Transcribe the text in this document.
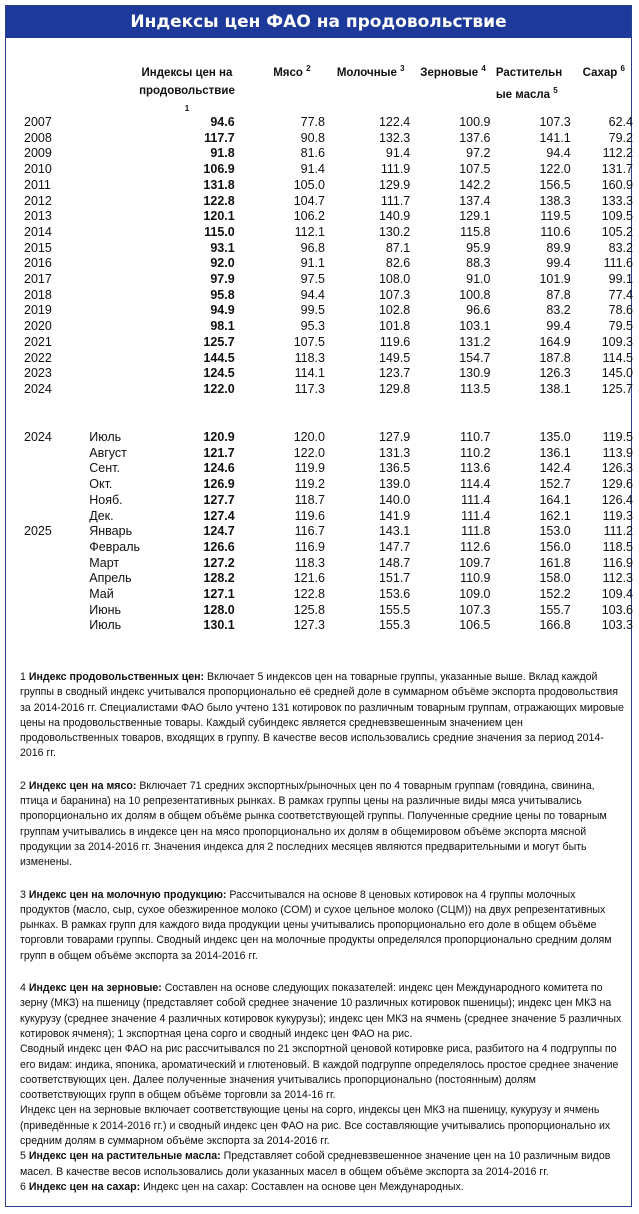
Индексы цен ФАО на продовольствие
	Индексы цен на продовольствие $^1$	Мясо $^2$	Молочные $^3$	Зерновые $^4$	Растительн ые масла $^5$	Сахар $^6$
2007		94.6	77.8	122.4	100.9	107.3	62.4
2008		117.7	90.8	132.3	137.6	141.1	79.2
2009		91.8	81.6	91.4	97.2	94.4	112.2
2010		106.9	91.4	111.9	107.5	122.0	131.7
2011		131.8	105.0	129.9	142.2	156.5	160.9
2012		122.8	104.7	111.7	137.4	138.3	133.3
2013		120.1	106.2	140.9	129.1	119.5	109.5
2014		115.0	112.1	130.2	115.8	110.6	105.2
2015		93.1	96.8	87.1	95.9	89.9	83.2
2016		92.0	91.1	82.6	88.3	99.4	111.6
2017		97.9	97.5	108.0	91.0	101.9	99.1
2018		95.8	94.4	107.3	100.8	87.8	77.4
2019		94.9	99.5	102.8	96.6	83.2	78.6
2020		98.1	95.3	101.8	103.1	99.4	79.5
2021		125.7	107.5	119.6	131.2	164.9	109.3
2022		144.5	118.3	149.5	154.7	187.8	114.5
2023		124.5	114.1	123.7	130.9	126.3	145.0
2024		122.0	117.3	129.8	113.5	138.1	125.7
2024	Июль	120.9	120.0	127.9	110.7	135.0	119.5
	Август	121.7	122.0	131.3	110.2	136.1	113.9
	Сент.	124.6	119.9	136.5	113.6	142.4	126.3
	Окт.	126.9	119.2	139.0	114.4	152.7	129.6
	Нояб.	127.7	118.7	140.0	111.4	164.1	126.4
	Дек.	127.4	119.6	141.9	111.4	162.1	119.3
2025	Январь	124.7	116.7	143.1	111.8	153.0	111.2
	Февраль	126.6	116.9	147.7	112.6	156.0	118.5
	Март	127.2	118.3	148.7	109.7	161.8	116.9
	Апрель	128.2	121.6	151.7	110.9	158.0	112.3
	Май	127.1	122.8	153.6	109.0	152.2	109.4
	Июнь	128.0	125.8	155.5	107.3	155.7	103.6
	Июль	130.1	127.3	155.3	106.5	166.8	103.3

1 Индекс продовольственных цен: Включает 5 индексов цен на товарные группы, указанные выше. Вклад каждой группы в сводный индекс учитывался пропорционально её средней доле в суммарном объёме экспорта продовольствия за 2014-2016 гг. Специалистами ФАО было учтено 131 котировок по различным товарным группам, отражающих мировые цены на продовольственные товары. Каждый субиндекс является средневзвешенным значением цен продовольственных товаров, входящих в группу. В качестве весов использовались средние значения за период 2014-2016 гг.

2 Индекс цен на мясо: Включает 71 средних экспортных/рыночных цен по 4 товарным группам (говядина, свинина, птица и баранина) на 10 репрезентативных рынках. В рамках группы цены на различные виды мяса учитывались пропорционально их долям в общем объёме рынка соответствующей группы. Полученные средние цены по товарным группам учитывались в индексе цен на мясо пропорционально их долям в общемировом объёме экспорта мясной продукции за 2014-2016 гг. Значения индекса для 2 последних месяцев являются предварительными и могут быть изменены.

3 Индекс цен на молочную продукцию: Рассчитывался на основе 8 ценовых котировок на 4 группы молочных продуктов (масло, сыр, сухое обезжиренное молоко (СОМ) и сухое цельное молоко (СЦМ)) на двух репрезентативных рынках. В рамках групп для каждого вида продукции цены учитывались пропорционально его доле в общем объёме торговли товарами группы. Сводный индекс цен на молочные продукты определялся пропорционально средним долям групп в общем объёме экспорта за 2014-2016 гг.

4 Индекс цен на зерновые: Составлен на основе следующих показателей: индекс цен Международного комитета по зерну (МКЗ) на пшеницу (представляет собой среднее значение 10 различных котировок пшеницы); индекс цен МКЗ на кукурузу (среднее значение 4 различных котировок кукурузы); индекс цен МКЗ на ячмень (среднее значение 5 различных котировок ячменя); 1 экспортная цена сорго и сводный индекс цен ФАО на рис.

Сводный индекс цен ФАО на рис рассчитывался по 21 экспортной ценовой котировке риса, разбитого на 4 подгруппы по его видам: индика, японика, ароматический и глютеновый. В каждой подгруппе определялось простое среднее значение соответствующих цен. Далее полученные значения учитывались пропорционально (постоянным) долям соответствующих групп в общем объёме торговли за 2014-16 гг.

Индекс цен на зерновые включает соответствующие цены на сорго, индексы цен МКЗ на пшеницу, кукурузу и ячмень (приведённые к 2014-2016 гг.) и сводный индекс цен ФАО на рис. Все составляющие учитывались пропорционально их средним долям в суммарном объёме экспорта за 2014-2016 гг.

5 Индекс цен на растительные масла: Представляет собой средневзвешенное значение цен на 10 различным видов масел. В качестве весов использовались доли указанных масел в общем объёме экспорта за 2014-2016 гг.

6 Индекс цен на сахар: Индекс цен на сахар: Составлен на основе цен Международных.
